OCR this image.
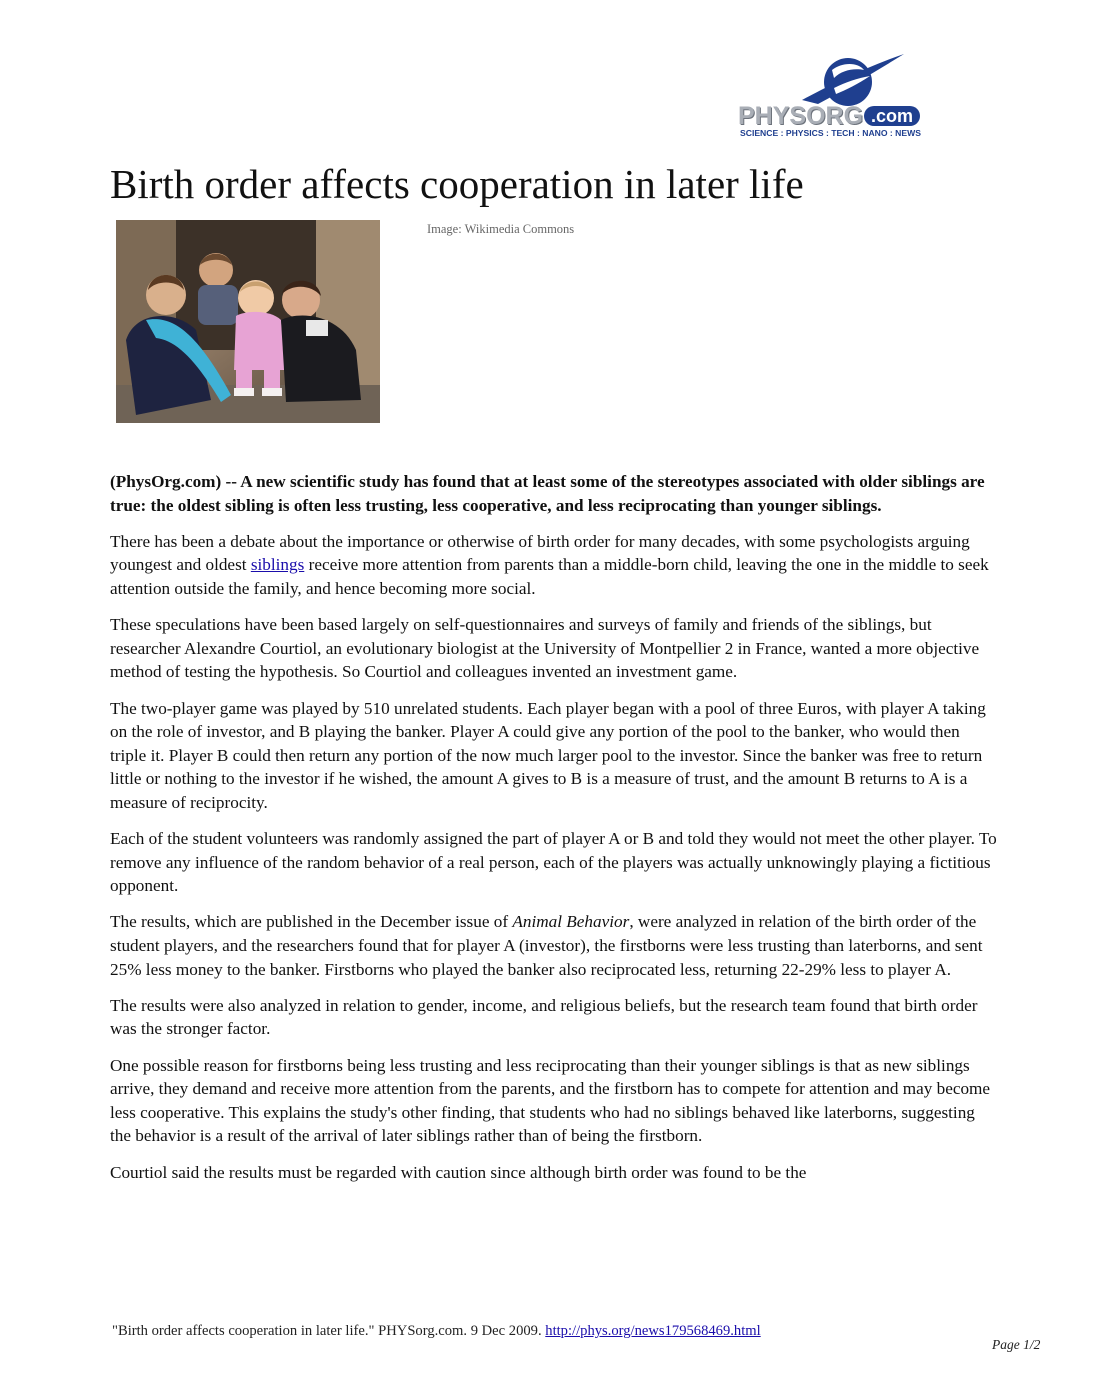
PHYSORG .com
SCIENCE : PHYSICS : TECH : NANO : NEWS
Birth order affects cooperation in later life
Image: Wikimedia Commons

(PhysOrg.com) -- A new scientific study has found that at least some of the stereotypes associated with older siblings are true: the oldest sibling is often less trusting, less cooperative, and less reciprocating than younger siblings.

There has been a debate about the importance or otherwise of birth order for many decades, with some psychologists arguing youngest and oldest siblings receive more attention from parents than a middle-born child, leaving the one in the middle to seek attention outside the family, and hence becoming more social.

These speculations have been based largely on self-questionnaires and surveys of family and friends of the siblings, but researcher Alexandre Courtiol, an evolutionary biologist at the University of Montpellier 2 in France, wanted a more objective method of testing the hypothesis. So Courtiol and colleagues invented an investment game.

The two-player game was played by 510 unrelated students. Each player began with a pool of three Euros, with player A taking on the role of investor, and B playing the banker. Player A could give any portion of the pool to the banker, who would then triple it. Player B could then return any portion of the now much larger pool to the investor. Since the banker was free to return little or nothing to the investor if he wished, the amount A gives to B is a measure of trust, and the amount B returns to A is a measure of reciprocity.

Each of the student volunteers was randomly assigned the part of player A or B and told they would not meet the other player. To remove any influence of the random behavior of a real person, each of the players was actually unknowingly playing a fictitious opponent.

The results, which are published in the December issue of Animal Behavior, were analyzed in relation of the birth order of the student players, and the researchers found that for player A (investor), the firstborns were less trusting than laterborns, and sent 25% less money to the banker. Firstborns who played the banker also reciprocated less, returning 22-29% less to player A.

The results were also analyzed in relation to gender, income, and religious beliefs, but the research team found that birth order was the stronger factor.

One possible reason for firstborns being less trusting and less reciprocating than their younger siblings is that as new siblings arrive, they demand and receive more attention from the parents, and the firstborn has to compete for attention and may become less cooperative. This explains the study's other finding, that students who had no siblings behaved like laterborns, suggesting the behavior is a result of the arrival of later siblings rather than of being the firstborn.

Courtiol said the results must be regarded with caution since although birth order was found to be the

"Birth order affects cooperation in later life." PHYSorg.com. 9 Dec 2009. http://phys.org/news179568469.html
Page 1/2
